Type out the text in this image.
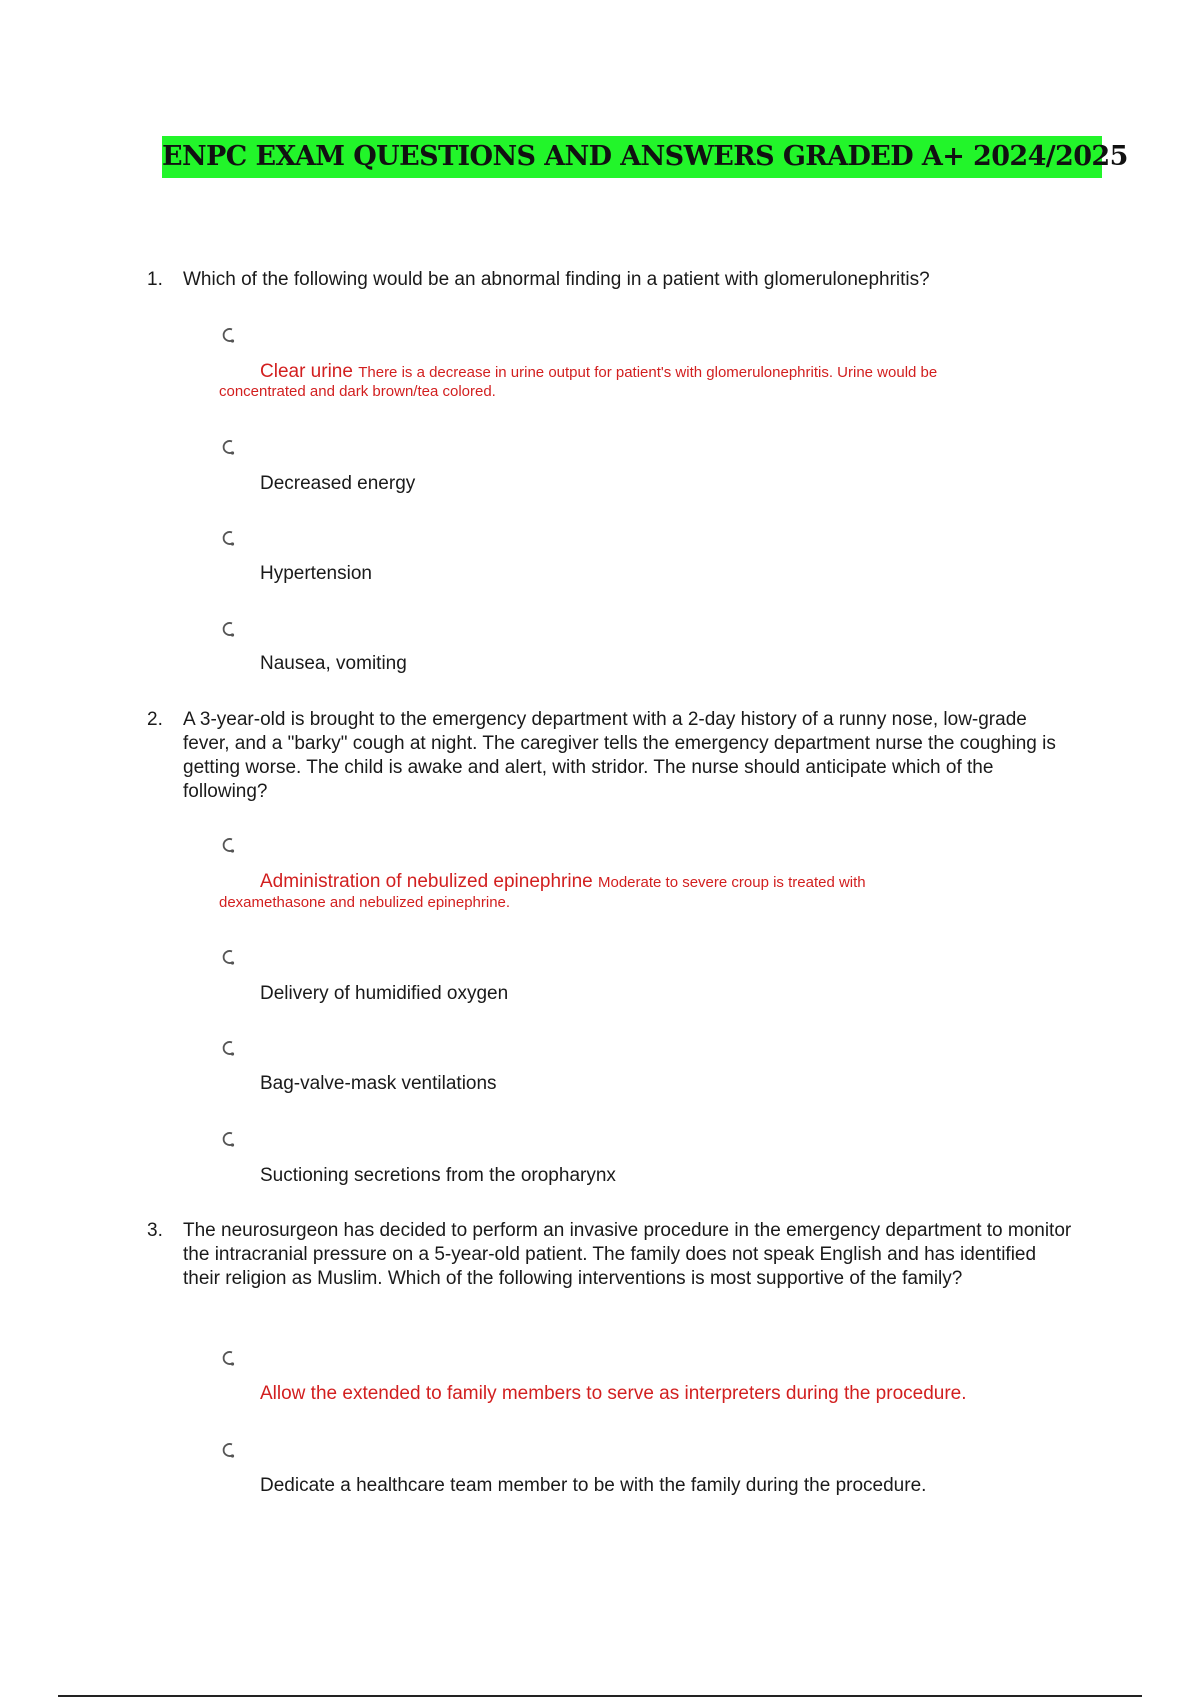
ENPC EXAM QUESTIONS AND ANSWERS GRADED A+ 2024/2025
1. Which of the following would be an abnormal finding in a patient with glomerulonephritis?
Clear urine There is a decrease in urine output for patient's with glomerulonephritis. Urine would be
concentrated and dark brown/tea colored.
Decreased energy
Hypertension
Nausea, vomiting
2. A 3-year-old is brought to the emergency department with a 2-day history of a runny nose, low-grade fever, and a "barky" cough at night. The caregiver tells the emergency department nurse the coughing is getting worse. The child is awake and alert, with stridor. The nurse should anticipate which of the following?
Administration of nebulized epinephrine Moderate to severe croup is treated with
dexamethasone and nebulized epinephrine.
Delivery of humidified oxygen
Bag-valve-mask ventilations
Suctioning secretions from the oropharynx
3. The neurosurgeon has decided to perform an invasive procedure in the emergency department to monitor the intracranial pressure on a 5-year-old patient. The family does not speak English and has identified their religion as Muslim. Which of the following interventions is most supportive of the family?
Allow the extended to family members to serve as interpreters during the procedure.
Dedicate a healthcare team member to be with the family during the procedure.
